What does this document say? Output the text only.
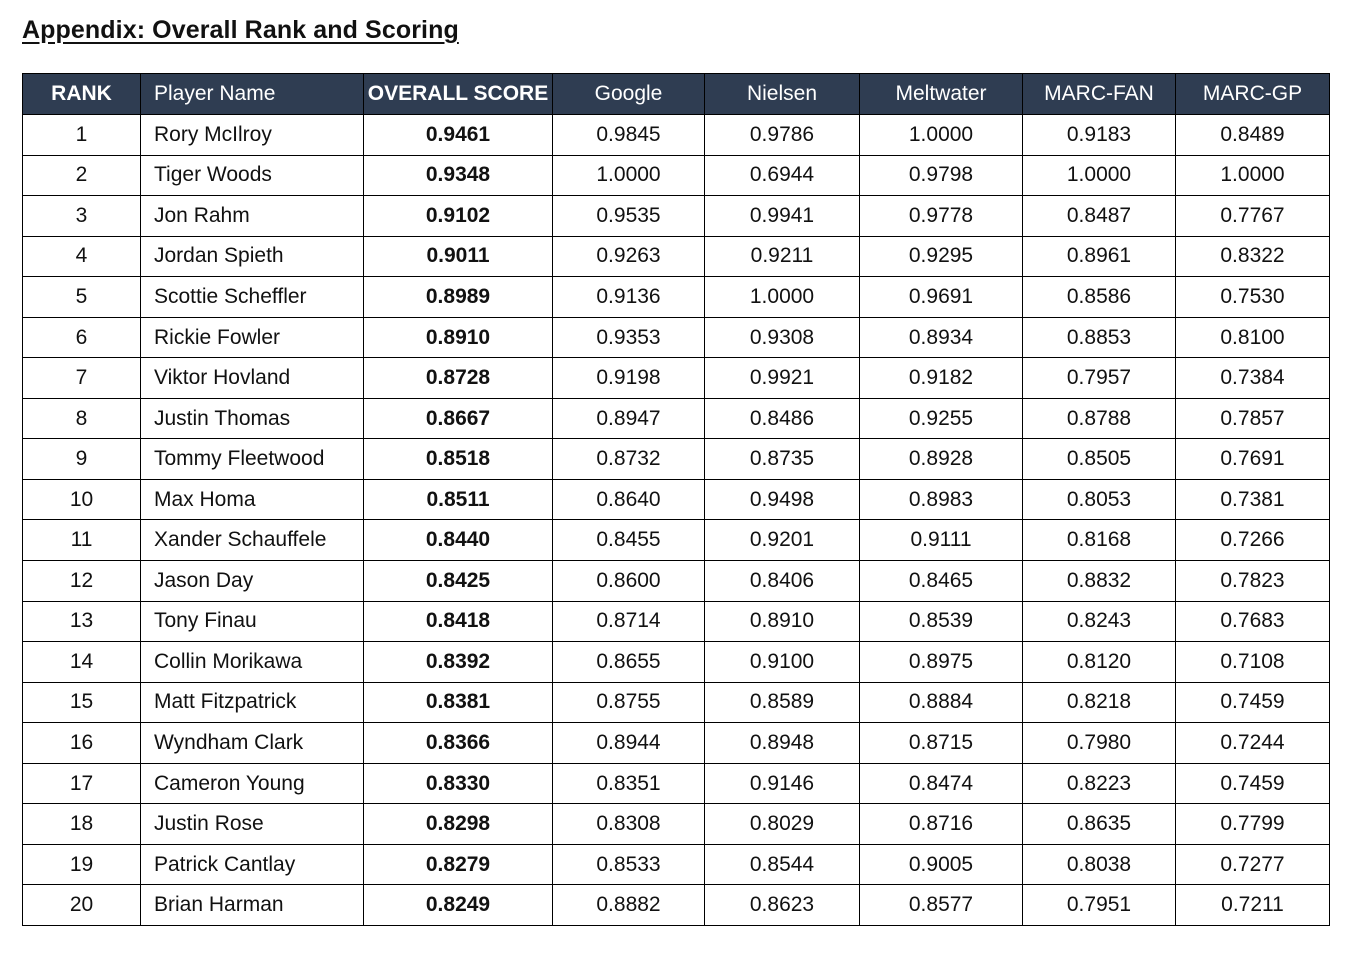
Appendix: Overall Rank and Scoring
RANK	Player Name	OVERALL SCORE	Google	Nielsen	Meltwater	MARC-FAN	MARC-GP
1	Rory McIlroy	0.9461	0.9845	0.9786	1.0000	0.9183	0.8489
2	Tiger Woods	0.9348	1.0000	0.6944	0.9798	1.0000	1.0000
3	Jon Rahm	0.9102	0.9535	0.9941	0.9778	0.8487	0.7767
4	Jordan Spieth	0.9011	0.9263	0.9211	0.9295	0.8961	0.8322
5	Scottie Scheffler	0.8989	0.9136	1.0000	0.9691	0.8586	0.7530
6	Rickie Fowler	0.8910	0.9353	0.9308	0.8934	0.8853	0.8100
7	Viktor Hovland	0.8728	0.9198	0.9921	0.9182	0.7957	0.7384
8	Justin Thomas	0.8667	0.8947	0.8486	0.9255	0.8788	0.7857
9	Tommy Fleetwood	0.8518	0.8732	0.8735	0.8928	0.8505	0.7691
10	Max Homa	0.8511	0.8640	0.9498	0.8983	0.8053	0.7381
11	Xander Schauffele	0.8440	0.8455	0.9201	0.9111	0.8168	0.7266
12	Jason Day	0.8425	0.8600	0.8406	0.8465	0.8832	0.7823
13	Tony Finau	0.8418	0.8714	0.8910	0.8539	0.8243	0.7683
14	Collin Morikawa	0.8392	0.8655	0.9100	0.8975	0.8120	0.7108
15	Matt Fitzpatrick	0.8381	0.8755	0.8589	0.8884	0.8218	0.7459
16	Wyndham Clark	0.8366	0.8944	0.8948	0.8715	0.7980	0.7244
17	Cameron Young	0.8330	0.8351	0.9146	0.8474	0.8223	0.7459
18	Justin Rose	0.8298	0.8308	0.8029	0.8716	0.8635	0.7799
19	Patrick Cantlay	0.8279	0.8533	0.8544	0.9005	0.8038	0.7277
20	Brian Harman	0.8249	0.8882	0.8623	0.8577	0.7951	0.7211
